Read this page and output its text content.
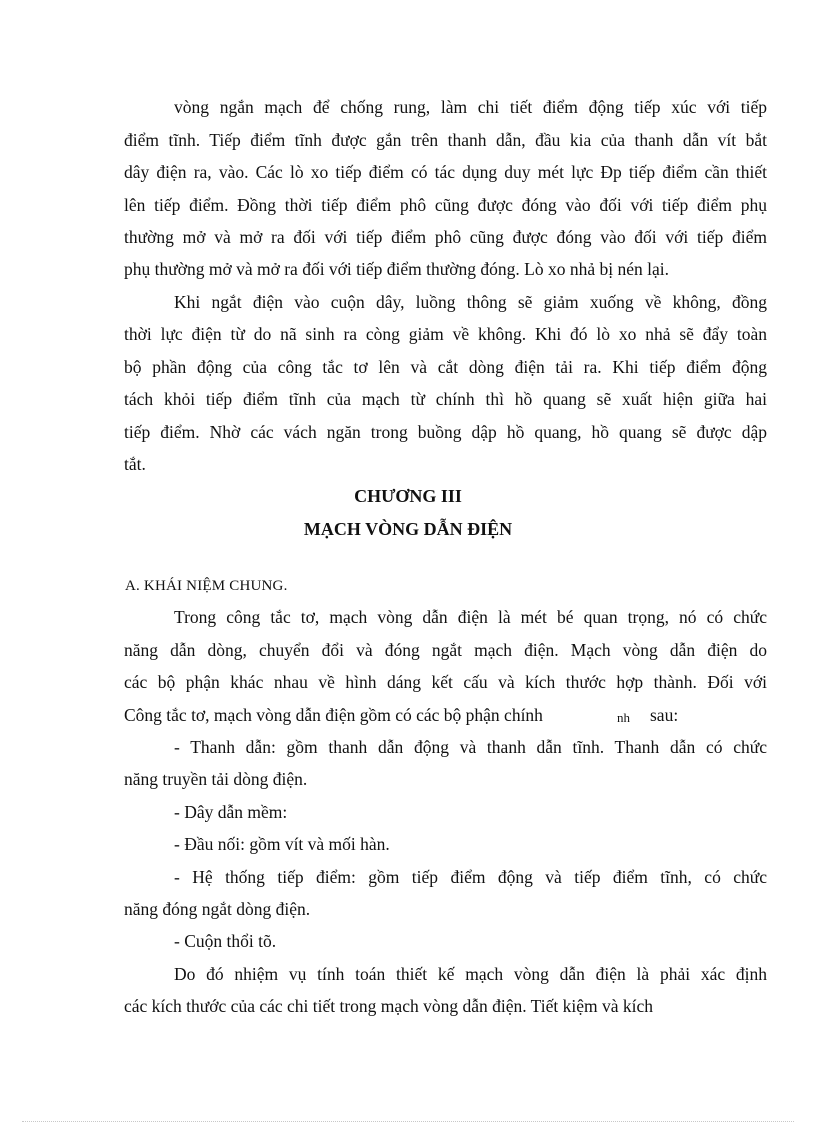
vòng ngắn mạch để chống rung, làm chi tiết điểm động tiếp xúc với tiếp
điểm tĩnh. Tiếp điểm tĩnh được gắn trên thanh dẫn, đầu kia của thanh dẫn vít bắt
dây điện ra, vào. Các lò xo tiếp điểm có tác dụng duy mét lực Đp tiếp điểm cần thiết
lên tiếp điểm. Đồng thời tiếp điểm phô cũng được đóng vào đối với tiếp điểm phụ
thường mở và mở ra đối với tiếp điểm phô cũng được đóng vào đối với tiếp điểm
phụ thường mở và mở ra đối với tiếp điểm thường đóng. Lò xo nhả bị nén lại.
Khi ngắt điện vào cuộn dây, luồng thông sẽ giảm xuống về không, đồng
thời lực điện từ do nã sinh ra còng giảm về không. Khi đó lò xo nhả sẽ đẩy toàn
bộ phần động của công tắc tơ lên và cắt dòng điện tải ra. Khi tiếp điểm động
tách khỏi tiếp điểm tĩnh của mạch từ chính thì hồ quang sẽ xuất hiện giữa hai
tiếp điểm. Nhờ các vách ngăn trong buồng dập hồ quang, hồ quang sẽ được dập
tắt.
CHƯƠNG III
MẠCH VÒNG DẪN ĐIỆN
A. KHÁI NIỆM CHUNG.
Trong công tắc tơ, mạch vòng dẫn điện là mét bé quan trọng, nó có chức
năng dẫn dòng, chuyển đổi và đóng ngắt mạch điện. Mạch vòng dẫn điện do
các bộ phận khác nhau về hình dáng kết cấu và kích thước hợp thành. Đối với
Công tắc tơ, mạch vòng dẫn điện gồm có các bộ phận chính	nh sau:
- Thanh dẫn: gồm thanh dẫn động và thanh dẫn tĩnh. Thanh dẫn có chức
năng truyền tải dòng điện.
- Dây dẫn mềm:
- Đầu nối: gồm vít và mối hàn.
- Hệ thống tiếp điểm: gồm tiếp điểm động và tiếp điểm tĩnh, có chức
năng đóng ngắt dòng điện.
- Cuộn thổi tõ.
Do đó nhiệm vụ tính toán thiết kế mạch vòng dẫn điện là phải xác định
các kích thước của các chi tiết trong mạch vòng dẫn điện. Tiết kiệm và kích
